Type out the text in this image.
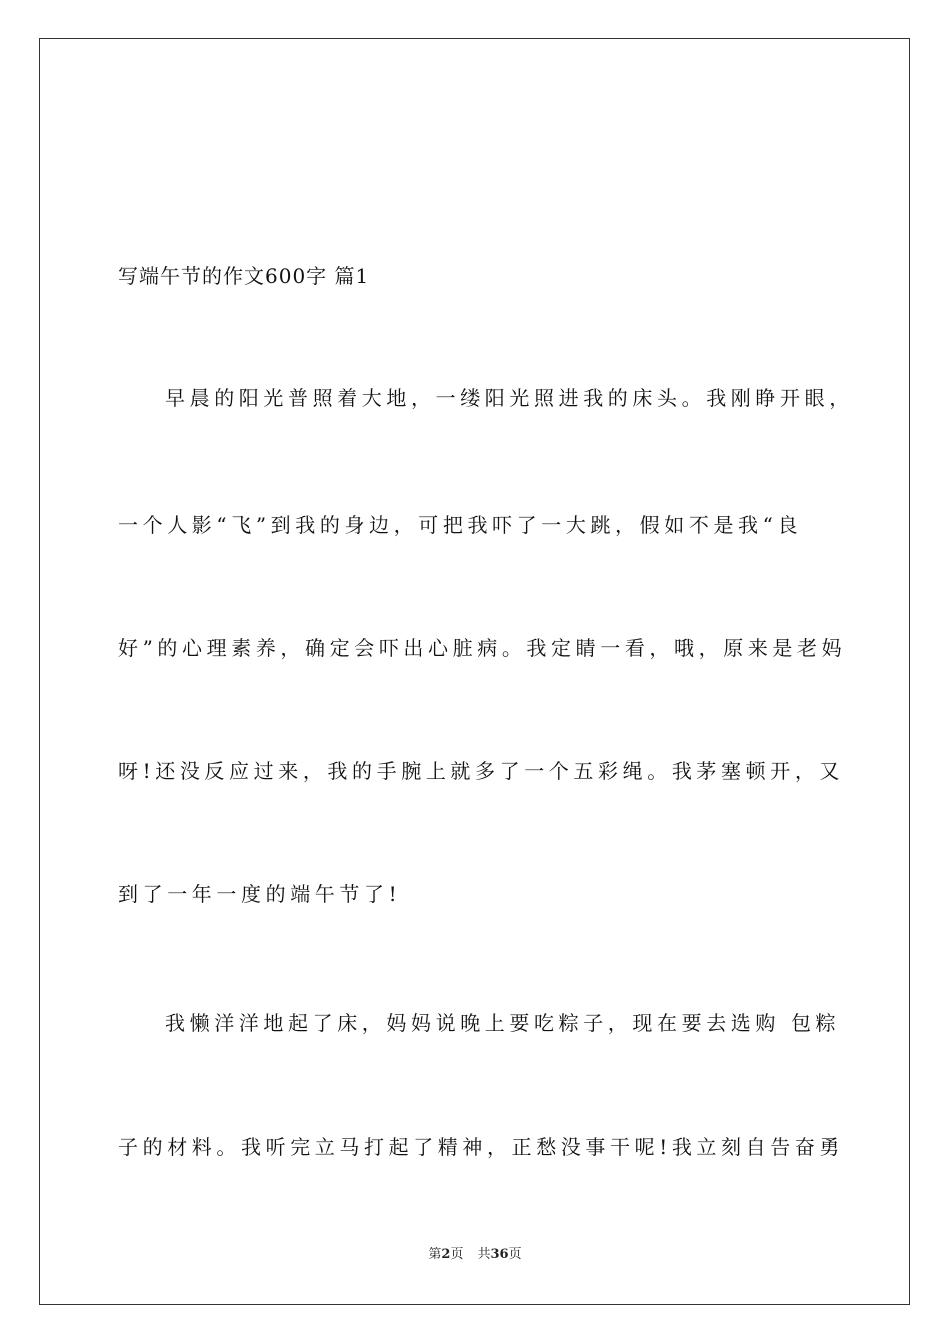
写端午节的作文600字 篇1
早晨的阳光普照着大地，一缕阳光照进我的床头。我刚睁开眼，
一个人影“飞”到我的身边，可把我吓了一大跳，假如不是我“良
好”的心理素养，确定会吓出心脏病。我定睛一看，哦，原来是老妈
呀!还没反应过来，我的手腕上就多了一个五彩绳。我茅塞顿开，又
到了一年一度的端午节了!
我懒洋洋地起了床，妈妈说晚上要吃粽子，现在要去选购 包粽
子的材料。我听完立马打起了精神，正愁没事干呢!我立刻自告奋勇
第2页 共36页
